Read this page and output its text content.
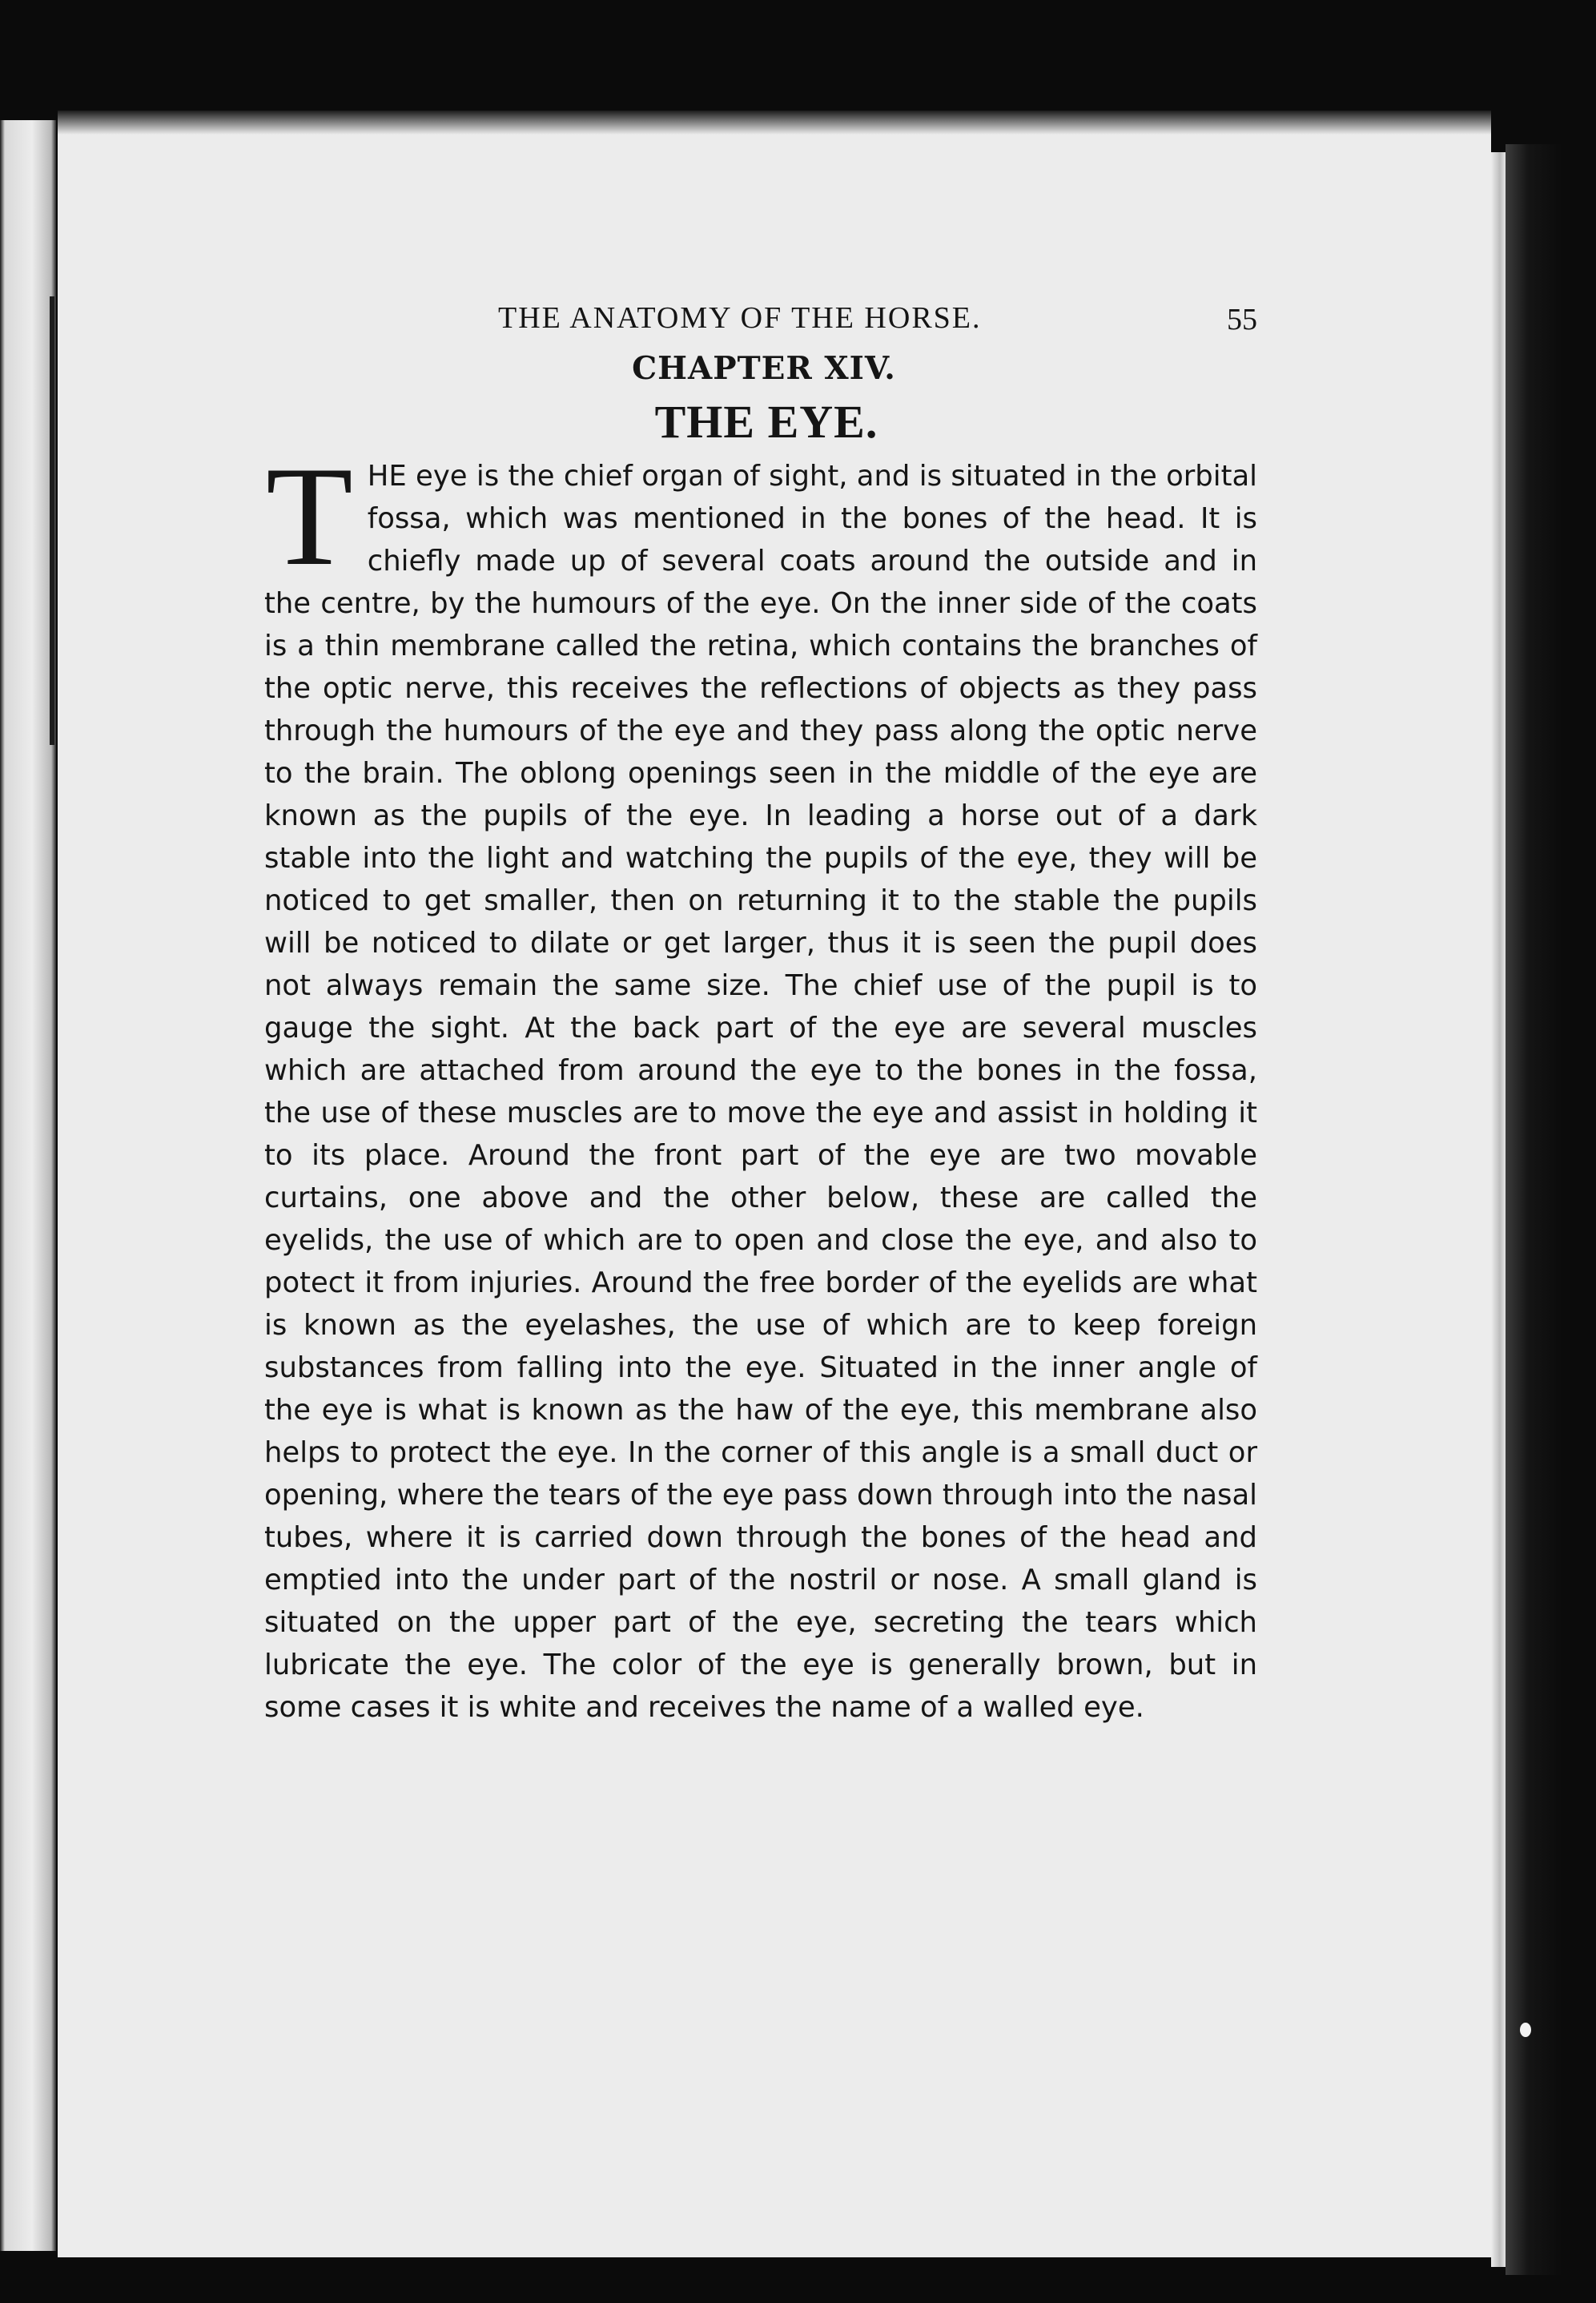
THE ANATOMY OF THE HORSE.	55
CHAPTER XIV.
THE EYE.
T HE eye is the chief organ of sight, and is situated in the orbital fossa, which was mentioned in the bones of the head. It is chiefly made up of several coats around the outside and in the centre, by the humours of the eye. On the inner side of the coats is a thin membrane called the retina, which contains the branches of the optic nerve, this receives the reflections of objects as they pass through the humours of the eye and they pass along the optic nerve to the brain. The oblong openings seen in the middle of the eye are known as the pupils of the eye. In leading a horse out of a dark stable into the light and watching the pupils of the eye, they will be noticed to get smaller, then on returning it to the stable the pupils will be noticed to dilate or get larger, thus it is seen the pupil does not always remain the same size. The chief use of the pupil is to gauge the sight. At the back part of the eye are several muscles which are attached from around the eye to the bones in the fossa, the use of these muscles are to move the eye and assist in holding it to its place. Around the front part of the eye are two movable curtains, one above and the other below, these are called the eyelids, the use of which are to open and close the eye, and also to potect it from injuries. Around the free border of the eyelids are what is known as the eyelashes, the use of which are to keep foreign substances from falling into the eye. Situated in the inner angle of the eye is what is known as the haw of the eye, this membrane also helps to protect the eye. In the corner of this angle is a small duct or opening, where the tears of the eye pass down through into the nasal tubes, where it is carried down through the bones of the head and emptied into the under part of the nostril or nose. A small gland is situated on the upper part of the eye, secreting the tears which lubricate the eye. The color of the eye is generally brown, but in some cases it is white and receives the name of a walled eye.
